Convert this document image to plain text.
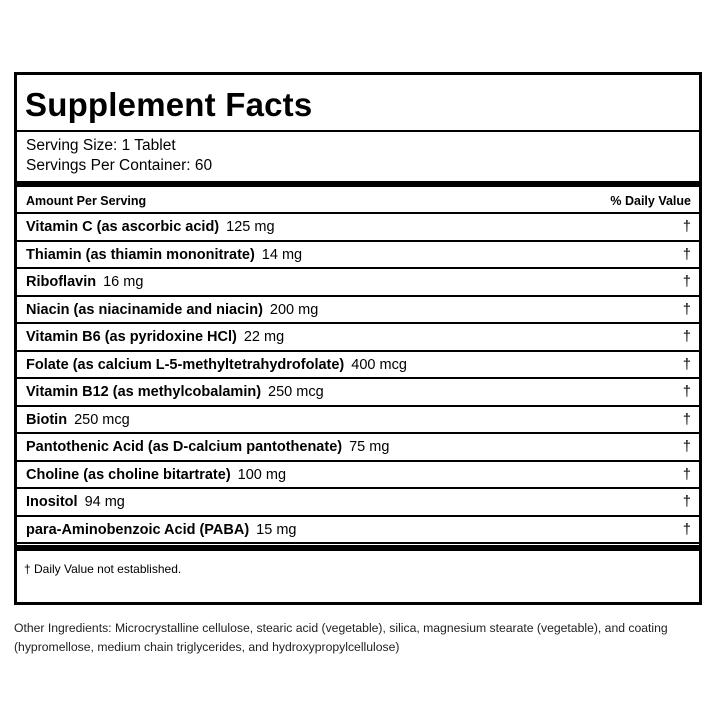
Supplement Facts
Serving Size: 1 Tablet
Servings Per Container: 60
Amount Per Serving	% Daily Value
Vitamin C (as ascorbic acid) 125 mg	†
Thiamin (as thiamin mononitrate) 14 mg	†
Riboflavin 16 mg	†
Niacin (as niacinamide and niacin) 200 mg	†
Vitamin B6 (as pyridoxine HCl) 22 mg	†
Folate (as calcium L-5-methyltetrahydrofolate) 400 mcg	†
Vitamin B12 (as methylcobalamin) 250 mcg	†
Biotin 250 mcg	†
Pantothenic Acid (as D-calcium pantothenate) 75 mg	†
Choline (as choline bitartrate) 100 mg	†
Inositol 94 mg	†
para-Aminobenzoic Acid (PABA) 15 mg	†
† Daily Value not established.
Other Ingredients: Microcrystalline cellulose, stearic acid (vegetable), silica, magnesium stearate (vegetable), and coating (hypromellose, medium chain triglycerides, and hydroxypropylcellulose)
